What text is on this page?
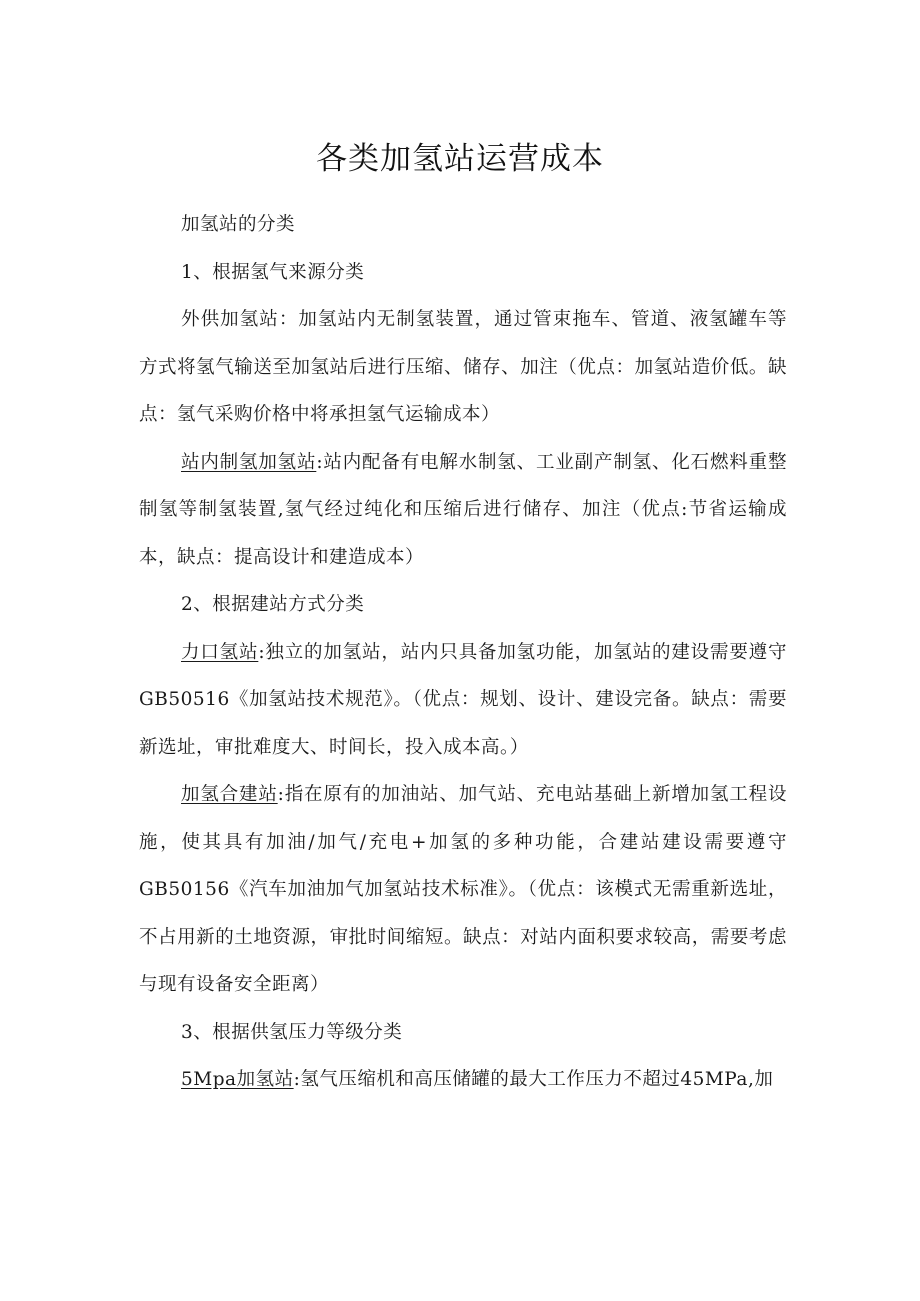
各类加氢站运营成本

加氢站的分类

1、根据氢气来源分类

外供加氢站：加氢站内无制氢装置，通过管束拖车、管道、液氢罐车等方式将氢气输送至加氢站后进行压缩、储存、加注（优点：加氢站造价低。缺点：氢气采购价格中将承担氢气运输成本）

站内制氢加氢站:站内配备有电解水制氢、工业副产制氢、化石燃料重整制氢等制氢装置,氢气经过纯化和压缩后进行储存、加注（优点:节省运输成本，缺点：提高设计和建造成本）

2、根据建站方式分类

力口氢站:独立的加氢站，站内只具备加氢功能，加氢站的建设需要遵守GB50516《加氢站技术规范》。（优点：规划、设计、建设完备。缺点：需要新选址，审批难度大、时间长，投入成本高。）

加氢合建站:指在原有的加油站、加气站、充电站基础上新增加氢工程设施，使其具有加油/加气/充电+加氢的多种功能，合建站建设需要遵守GB50156《汽车加油加气加氢站技术标准》。（优点：该模式无需重新选址，不占用新的土地资源，审批时间缩短。缺点：对站内面积要求较高，需要考虑与现有设备安全距离）

3、根据供氢压力等级分类

5Mpa加氢站:氢气压缩机和高压储罐的最大工作压力不超过45MPa,加
